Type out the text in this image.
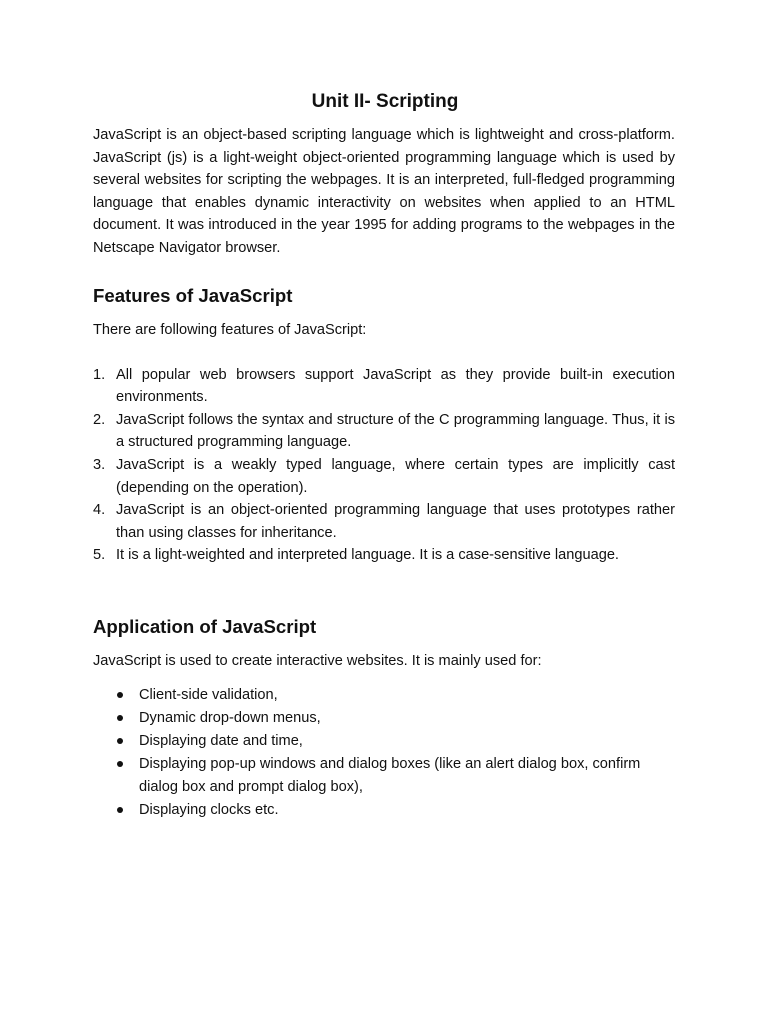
Unit II- Scripting

JavaScript is an object-based scripting language which is lightweight and cross-platform. JavaScript (js) is a light-weight object-oriented programming language which is used by several websites for scripting the webpages. It is an interpreted, full-fledged programming language that enables dynamic interactivity on websites when applied to an HTML document. It was introduced in the year 1995 for adding programs to the webpages in the Netscape Navigator browser.

Features of JavaScript

There are following features of JavaScript:

1. All popular web browsers support JavaScript as they provide built-in execution environments.
2. JavaScript follows the syntax and structure of the C programming language. Thus, it is a structured programming language.
3. JavaScript is a weakly typed language, where certain types are implicitly cast (depending on the operation).
4. JavaScript is an object-oriented programming language that uses prototypes rather than using classes for inheritance.
5. It is a light-weighted and interpreted language. It is a case-sensitive language.
Application of JavaScript

JavaScript is used to create interactive websites. It is mainly used for:

Client-side validation,
Dynamic drop-down menus,
Displaying date and time,
Displaying pop-up windows and dialog boxes (like an alert dialog box, confirm dialog box and prompt dialog box),
Displaying clocks etc.
